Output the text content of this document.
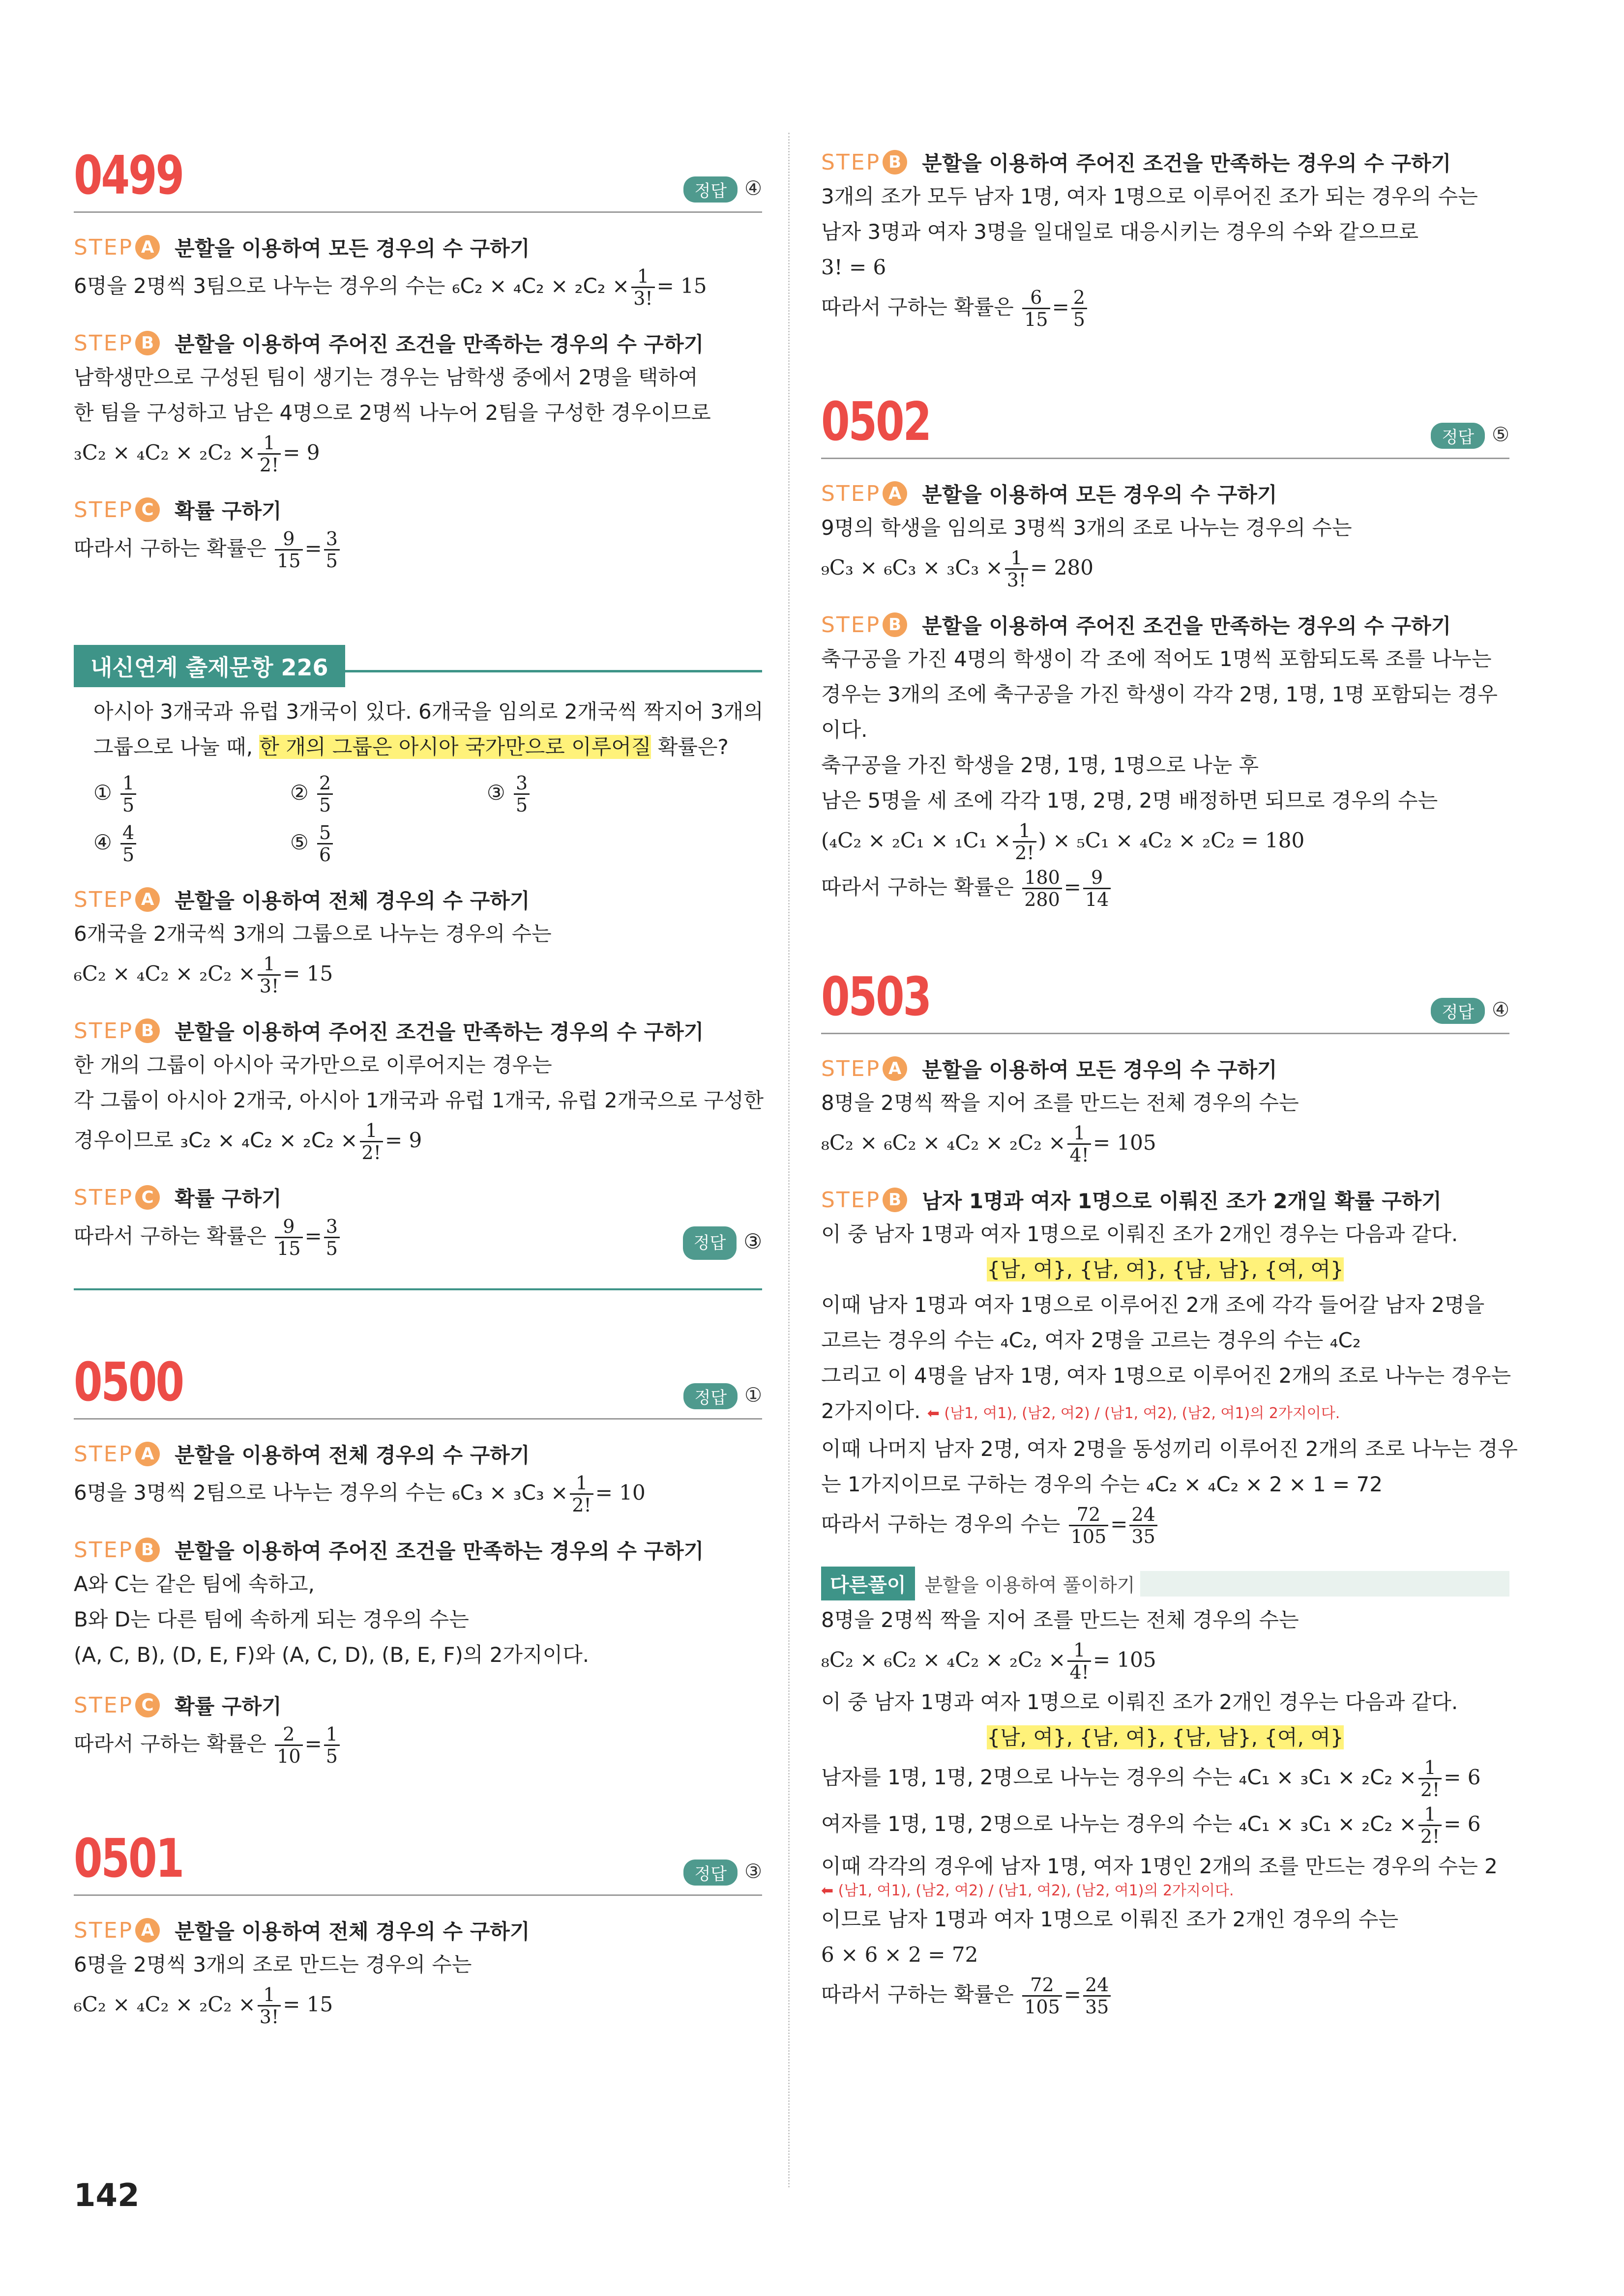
0499	정답 ④
STEP A 분할을 이용하여 모든 경우의 수 구하기
6명을 2명씩 3팀으로 나누는 경우의 수는 $_6C_2 \times _4C_2 \times _2C_2 \times \frac{1}{3!} = 15$
STEP B 분할을 이용하여 주어진 조건을 만족하는 경우의 수 구하기
남학생만으로 구성된 팀이 생기는 경우는 남학생 중에서 2명을 택하여
한 팀을 구성하고 남은 4명으로 2명씩 나누어 2팀을 구성한 경우이므로
$_3C_2 \times _4C_2 \times _2C_2 \times \frac{1}{2!} = 9$
STEP C 확률 구하기
따라서 구하는 확률은 $\frac{9}{15} = \frac{3}{5}$
내신연계 출제문항 226
아시아 3개국과 유럽 3개국이 있다. 6개국을 임의로 2개국씩 짝지어 3개의
그룹으로 나눌 때, 한 개의 그룹은 아시아 국가만으로 이루어질 확률은?
① $\frac{1}{5}$	② $\frac{2}{5}$	③ $\frac{3}{5}$
④ $\frac{4}{5}$	⑤ $\frac{5}{6}$
STEP A 분할을 이용하여 전체 경우의 수 구하기
6개국을 2개국씩 3개의 그룹으로 나누는 경우의 수는
$_6C_2 \times _4C_2 \times _2C_2 \times \frac{1}{3!} = 15$
STEP B 분할을 이용하여 주어진 조건을 만족하는 경우의 수 구하기
한 개의 그룹이 아시아 국가만으로 이루어지는 경우는
각 그룹이 아시아 2개국, 아시아 1개국과 유럽 1개국, 유럽 2개국으로 구성한
경우이므로 $_3C_2 \times _4C_2 \times _2C_2 \times \frac{1}{2!} = 9$
STEP C 확률 구하기
따라서 구하는 확률은 $\frac{9}{15} = \frac{3}{5}$	정답 ③
0500	정답 ①
STEP A 분할을 이용하여 전체 경우의 수 구하기
6명을 3명씩 2팀으로 나누는 경우의 수는 $_6C_3 \times _3C_3 \times \frac{1}{2!} = 10$
STEP B 분할을 이용하여 주어진 조건을 만족하는 경우의 수 구하기
A와 C는 같은 팀에 속하고,
B와 D는 다른 팀에 속하게 되는 경우의 수는
(A, C, B), (D, E, F)와 (A, C, D), (B, E, F)의 2가지이다.
STEP C 확률 구하기
따라서 구하는 확률은 $\frac{2}{10} = \frac{1}{5}$
0501	정답 ③
STEP A 분할을 이용하여 전체 경우의 수 구하기
6명을 2명씩 3개의 조로 만드는 경우의 수는
$_6C_2 \times _4C_2 \times _2C_2 \times \frac{1}{3!} = 15$
142
STEP B 분할을 이용하여 주어진 조건을 만족하는 경우의 수 구하기
3개의 조가 모두 남자 1명, 여자 1명으로 이루어진 조가 되는 경우의 수는
남자 3명과 여자 3명을 일대일로 대응시키는 경우의 수와 같으므로
3! = 6
따라서 구하는 확률은 $\frac{6}{15} = \frac{2}{5}$
0502	정답 ⑤
STEP A 분할을 이용하여 모든 경우의 수 구하기
9명의 학생을 임의로 3명씩 3개의 조로 나누는 경우의 수는
$_9C_3 \times _6C_3 \times _3C_3 \times \frac{1}{3!} = 280$
STEP B 분할을 이용하여 주어진 조건을 만족하는 경우의 수 구하기
축구공을 가진 4명의 학생이 각 조에 적어도 1명씩 포함되도록 조를 나누는
경우는 3개의 조에 축구공을 가진 학생이 각각 2명, 1명, 1명 포함되는 경우
이다.
축구공을 가진 학생을 2명, 1명, 1명으로 나눈 후
남은 5명을 세 조에 각각 1명, 2명, 2명 배정하면 되므로 경우의 수는
($_4C_2 \times _2C_1 \times _1C_1 \times \frac{1}{2!}$ ) × ₅C₁ × ₄C₂ × ₂C₂ = 180
따라서 구하는 확률은 $\frac{180}{280} = \frac{9}{14}$
0503	정답 ④
STEP A 분할을 이용하여 모든 경우의 수 구하기
8명을 2명씩 짝을 지어 조를 만드는 전체 경우의 수는
$_8C_2 \times _6C_2 \times _4C_2 \times _2C_2 \times \frac{1}{4!} = 105$
STEP B 남자 1명과 여자 1명으로 이뤄진 조가 2개일 확률 구하기
이 중 남자 1명과 여자 1명으로 이뤄진 조가 2개인 경우는 다음과 같다.
{남, 여}, {남, 여}, {남, 남}, {여, 여}
이때 남자 1명과 여자 1명으로 이루어진 2개 조에 각각 들어갈 남자 2명을
고르는 경우의 수는 ₄C₂, 여자 2명을 고르는 경우의 수는 ₄C₂
그리고 이 4명을 남자 1명, 여자 1명으로 이루어진 2개의 조로 나누는 경우는
2가지이다. ⬅ (남1, 여1), (남2, 여2) / (남1, 여2), (남2, 여1)의 2가지이다.
이때 나머지 남자 2명, 여자 2명을 동성끼리 이루어진 2개의 조로 나누는 경우
는 1가지이므로 구하는 경우의 수는 ₄C₂ × ₄C₂ × 2 × 1 = 72
따라서 구하는 경우의 수는 $\frac{72}{105} = \frac{24}{35}$
다른풀이	분할을 이용하여 풀이하기
8명을 2명씩 짝을 지어 조를 만드는 전체 경우의 수는
$_8C_2 \times _6C_2 \times _4C_2 \times _2C_2 \times \frac{1}{4!} = 105$
이 중 남자 1명과 여자 1명으로 이뤄진 조가 2개인 경우는 다음과 같다.
{남, 여}, {남, 여}, {남, 남}, {여, 여}
남자를 1명, 1명, 2명으로 나누는 경우의 수는 $_4C_1 \times _3C_1 \times _2C_2 \times \frac{1}{2!} = 6$
여자를 1명, 1명, 2명으로 나누는 경우의 수는 $_4C_1 \times _3C_1 \times _2C_2 \times \frac{1}{2!} = 6$
이때 각각의 경우에 남자 1명, 여자 1명인 2개의 조를 만드는 경우의 수는 2
⬅ (남1, 여1), (남2, 여2) / (남1, 여2), (남2, 여1)의 2가지이다.
이므로 남자 1명과 여자 1명으로 이뤄진 조가 2개인 경우의 수는
6 × 6 × 2 = 72
따라서 구하는 확률은 $\frac{72}{105} = \frac{24}{35}$
